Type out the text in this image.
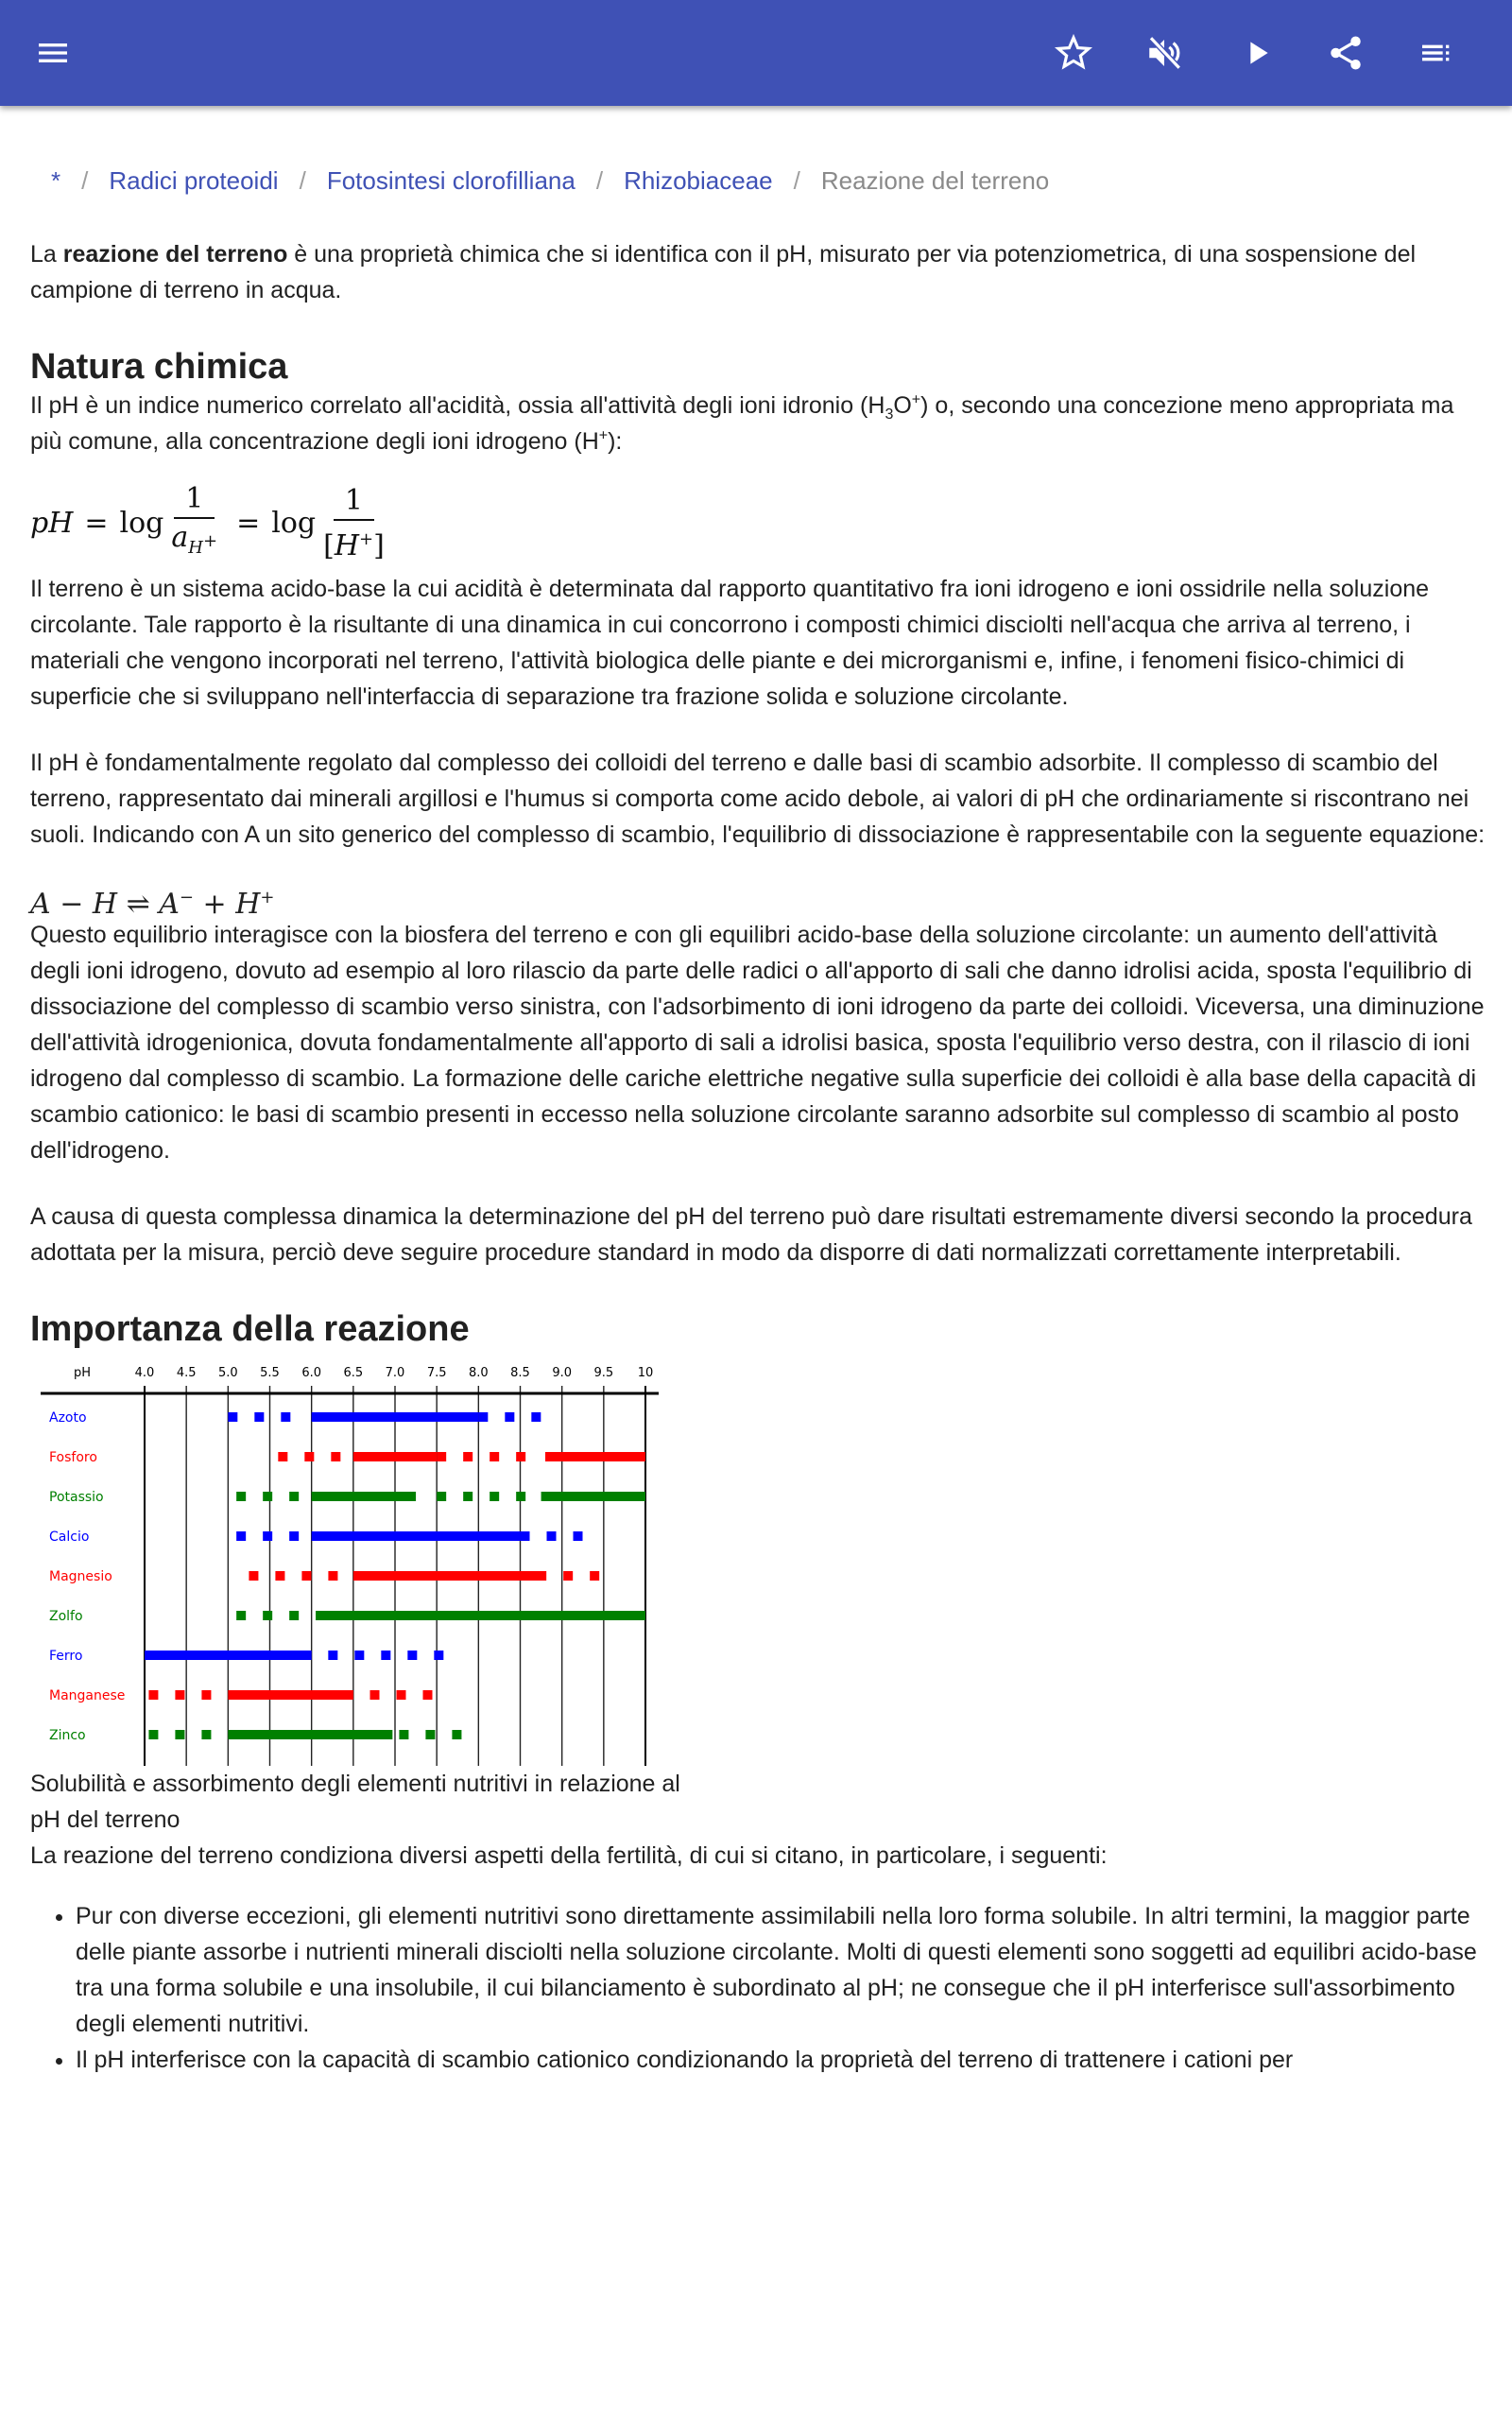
* / Radici proteoidi / Fotosintesi clorofilliana / Rhizobiaceae / Reazione del terreno

La reazione del terreno è una proprietà chimica che si identifica con il pH, misurato per via potenziometrica, di una sospensione del campione di terreno in acqua.

Natura chimica

Il pH è un indice numerico correlato all'acidità, ossia all'attività degli ioni idronio $(H_3O^+)$ o, secondo una concezione meno appropriata ma più comune, alla concentrazione degli ioni idrogeno (H+):

pH = $\log \frac{1}{a_{H^+}} = \log \frac{1}{[H^+]}$

Il terreno è un sistema acido-base la cui acidità è determinata dal rapporto quantitativo fra ioni idrogeno e ioni ossidrile nella soluzione circolante. Tale rapporto è la risultante di una dinamica in cui concorrono i composti chimici disciolti nell'acqua che arriva al terreno, i materiali che vengono incorporati nel terreno, l'attività biologica delle piante e dei microrganismi e, infine, i fenomeni fisico-chimici di superficie che si sviluppano nell'interfaccia di separazione tra frazione solida e soluzione circolante.

Il pH è fondamentalmente regolato dal complesso dei colloidi del terreno e dalle basi di scambio adsorbite. Il complesso di scambio del terreno, rappresentato dai minerali argillosi e l'humus si comporta come acido debole, ai valori di pH che ordinariamente si riscontrano nei suoli. Indicando con A un sito generico del complesso di scambio, l'equilibrio di dissociazione è rappresentabile con la seguente equazione:

A − H ⇌ A− + H+

Questo equilibrio interagisce con la biosfera del terreno e con gli equilibri acido-base della soluzione circolante: un aumento dell'attività degli ioni idrogeno, dovuto ad esempio al loro rilascio da parte delle radici o all'apporto di sali che danno idrolisi acida, sposta l'equilibrio di dissociazione del complesso di scambio verso sinistra, con l'adsorbimento di ioni idrogeno da parte dei colloidi. Viceversa, una diminuzione dell'attività idrogenionica, dovuta fondamentalmente all'apporto di sali a idrolisi basica, sposta l'equilibrio verso destra, con il rilascio di ioni idrogeno dal complesso di scambio. La formazione delle cariche elettriche negative sulla superficie dei colloidi è alla base della capacità di scambio cationico: le basi di scambio presenti in eccesso nella soluzione circolante saranno adsorbite sul complesso di scambio al posto dell'idrogeno.

A causa di questa complessa dinamica la determinazione del pH del terreno può dare risultati estremamente diversi secondo la procedura adottata per la misura, perciò deve seguire procedure standard in modo da disporre di dati normalizzati correttamente interpretabili.

Importanza della reazione
pH	4.0 4.5 5.0 5.5 6.0 6.5 7.0 7.5 8.0 8.5 9.0 9.5 10
Azoto
Fosforo
Potassio
Calcio
Magnesio
Zolfo
Ferro
Manganese
Zinco

Solubilità e assorbimento degli elementi nutritivi in relazione al pH del terreno

La reazione del terreno condiziona diversi aspetti della fertilità, di cui si citano, in particolare, i seguenti:

• Pur con diverse eccezioni, gli elementi nutritivi sono direttamente assimilabili nella loro forma solubile. In altri termini, la maggior parte delle piante assorbe i nutrienti minerali disciolti nella soluzione circolante. Molti di questi elementi sono soggetti ad equilibri acido-base tra una forma solubile e una insolubile, il cui bilanciamento è subordinato al pH; ne consegue che il pH interferisce sull'assorbimento degli elementi nutritivi.
• Il pH interferisce con la capacità di scambio cationico condizionando la proprietà del terreno di trattenere i cationi per
